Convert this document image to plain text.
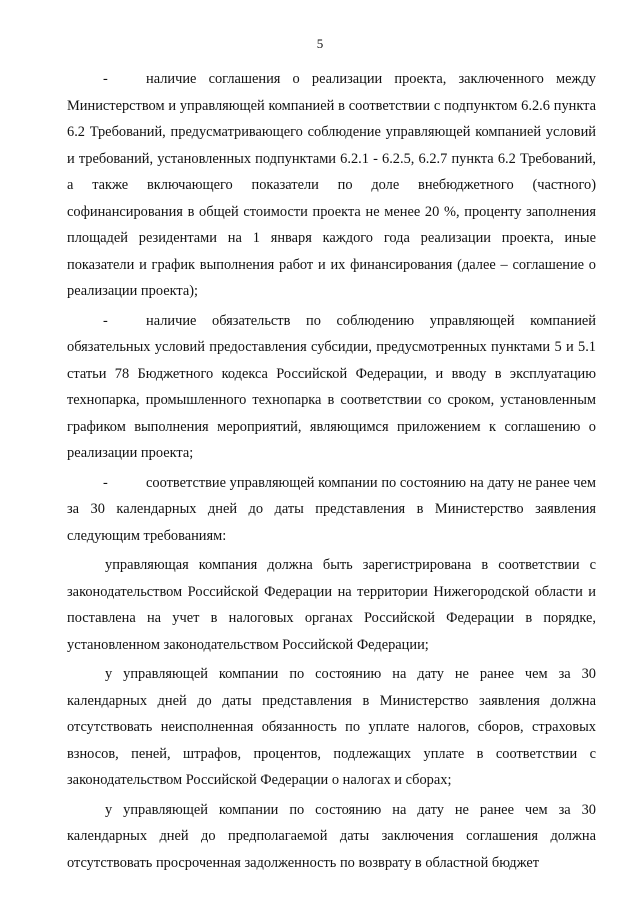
5

-	наличие соглашения о реализации проекта, заключенного между Министерством и управляющей компанией в соответствии с подпунктом 6.2.6 пункта 6.2 Требований, предусматривающего соблюдение управляющей компанией условий и требований, установленных подпунктами 6.2.1 - 6.2.5, 6.2.7 пункта 6.2 Требований, а также включающего показатели по доле внебюджетного (частного) софинансирования в общей стоимости проекта не менее 20 %, проценту заполнения площадей резидентами на 1 января каждого года реализации проекта, иные показатели и график выполнения работ и их финансирования (далее – соглашение о реализации проекта);

-	наличие обязательств по соблюдению управляющей компанией обязательных условий предоставления субсидии, предусмотренных пунктами 5 и 5.1 статьи 78 Бюджетного кодекса Российской Федерации, и вводу в эксплуатацию технопарка, промышленного технопарка в соответствии со сроком, установленным графиком выполнения мероприятий, являющимся приложением к соглашению о реализации проекта;

-	соответствие управляющей компании по состоянию на дату не ранее чем за 30 календарных дней до даты представления в Министерство заявления следующим требованиям:

управляющая компания должна быть зарегистрирована в соответствии с законодательством Российской Федерации на территории Нижегородской области и поставлена на учет в налоговых органах Российской Федерации в порядке, установленном законодательством Российской Федерации;

у управляющей компании по состоянию на дату не ранее чем за 30 календарных дней до даты представления в Министерство заявления должна отсутствовать неисполненная обязанность по уплате налогов, сборов, страховых взносов, пеней, штрафов, процентов, подлежащих уплате в соответствии с законодательством Российской Федерации о налогах и сборах;

у управляющей компании по состоянию на дату не ранее чем за 30 календарных дней до предполагаемой даты заключения соглашения должна отсутствовать просроченная задолженность по возврату в областной бюджет
